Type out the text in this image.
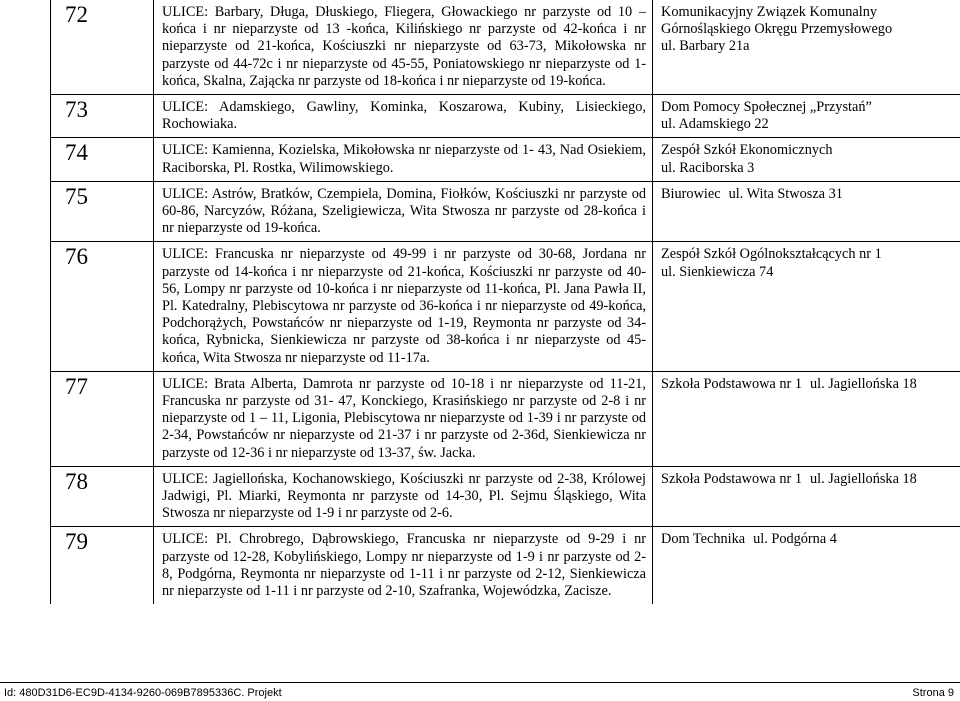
72	ULICE: Barbary, Długa, Dłuskiego, Fliegera, Głowackiego nr parzyste od 10 –końca i nr nieparzyste od 13 -końca, Kilińskiego nr parzyste od 42-końca i nr nieparzyste od 21-końca, Kościuszki nr nieparzyste od 63-73, Mikołowska nr parzyste od 44-72c i nr nieparzyste od 45-55, Poniatowskiego nr nieparzyste od 1-końca, Skalna, Zającka nr parzyste od 18-końca i nr nieparzyste od 19-końca.	Komunikacyjny Związek Komunalny Górnośląskiego Okręgu Przemysłowego
ul. Barbary 21a

73	ULICE: Adamskiego, Gawliny, Kominka, Koszarowa, Kubiny, Lisieckiego, Rochowiaka.	Dom Pomocy Społecznej „Przystań”
ul. Adamskiego 22

74	ULICE: Kamienna, Kozielska, Mikołowska nr nieparzyste od 1- 43, Nad Osiekiem, Raciborska, Pl. Rostka, Wilimowskiego.	Zespół Szkół Ekonomicznych
ul. Raciborska 3

75	ULICE: Astrów, Bratków, Czempiela, Domina, Fiołków, Kościuszki nr parzyste od 60-86, Narcyzów, Różana, Szeligiewicza, Wita Stwosza nr parzyste od 28-końca i nr nieparzyste od 19-końca.	Biurowiec ul. Wita Stwosza 31
76	ULICE: Francuska nr nieparzyste od 49-99 i nr parzyste od 30-68, Jordana nr parzyste od 14-końca i nr nieparzyste od 21-końca, Kościuszki nr parzyste od 40-56, Lompy nr parzyste od 10-końca i nr nieparzyste od 11-końca, Pl. Jana Pawła II, Pl. Katedralny, Plebiscytowa nr parzyste od 36-końca i nr nieparzyste od 49-końca, Podchorążych, Powstańców nr nieparzyste od 1-19, Reymonta nr parzyste od 34-końca, Rybnicka, Sienkiewicza nr parzyste od 38-końca i nr nieparzyste od 45-końca, Wita Stwosza nr nieparzyste od 11-17a.	Zespół Szkół Ogólnokształcących nr 1
ul. Sienkiewicza 74

77	ULICE: Brata Alberta, Damrota nr parzyste od 10-18 i nr nieparzyste od 11-21, Francuska nr parzyste od 31- 47, Konckiego, Krasińskiego nr parzyste od 2-8 i nr nieparzyste od 1 – 11, Ligonia, Plebiscytowa nr nieparzyste od 1-39 i nr parzyste od 2-34, Powstańców nr nieparzyste od 21-37 i nr parzyste od 2-36d, Sienkiewicza nr parzyste od 12-36 i nr nieparzyste od 13-37, św. Jacka.	Szkoła Podstawowa nr 1 ul. Jagiellońska 18
78	ULICE: Jagiellońska, Kochanowskiego, Kościuszki nr parzyste od 2-38, Królowej Jadwigi, Pl. Miarki, Reymonta nr parzyste od 14-30, Pl. Sejmu Śląskiego, Wita Stwosza nr nieparzyste od 1-9 i nr parzyste od 2-6.	Szkoła Podstawowa nr 1 ul. Jagiellońska 18
79	ULICE: Pl. Chrobrego, Dąbrowskiego, Francuska nr nieparzyste od 9-29 i nr parzyste od 12-28, Kobylińskiego, Lompy nr nieparzyste od 1-9 i nr parzyste od 2-8, Podgórna, Reymonta nr nieparzyste od 1-11 i nr parzyste od 2-12, Sienkiewicza nr nieparzyste od 1-11 i nr parzyste od 2-10, Szafranka, Wojewódzka, Zacisze.	Dom Technika ul. Podgórna 4
Id: 480D31D6-EC9D-4134-9260-069B7895336C. Projekt	Strona 9
